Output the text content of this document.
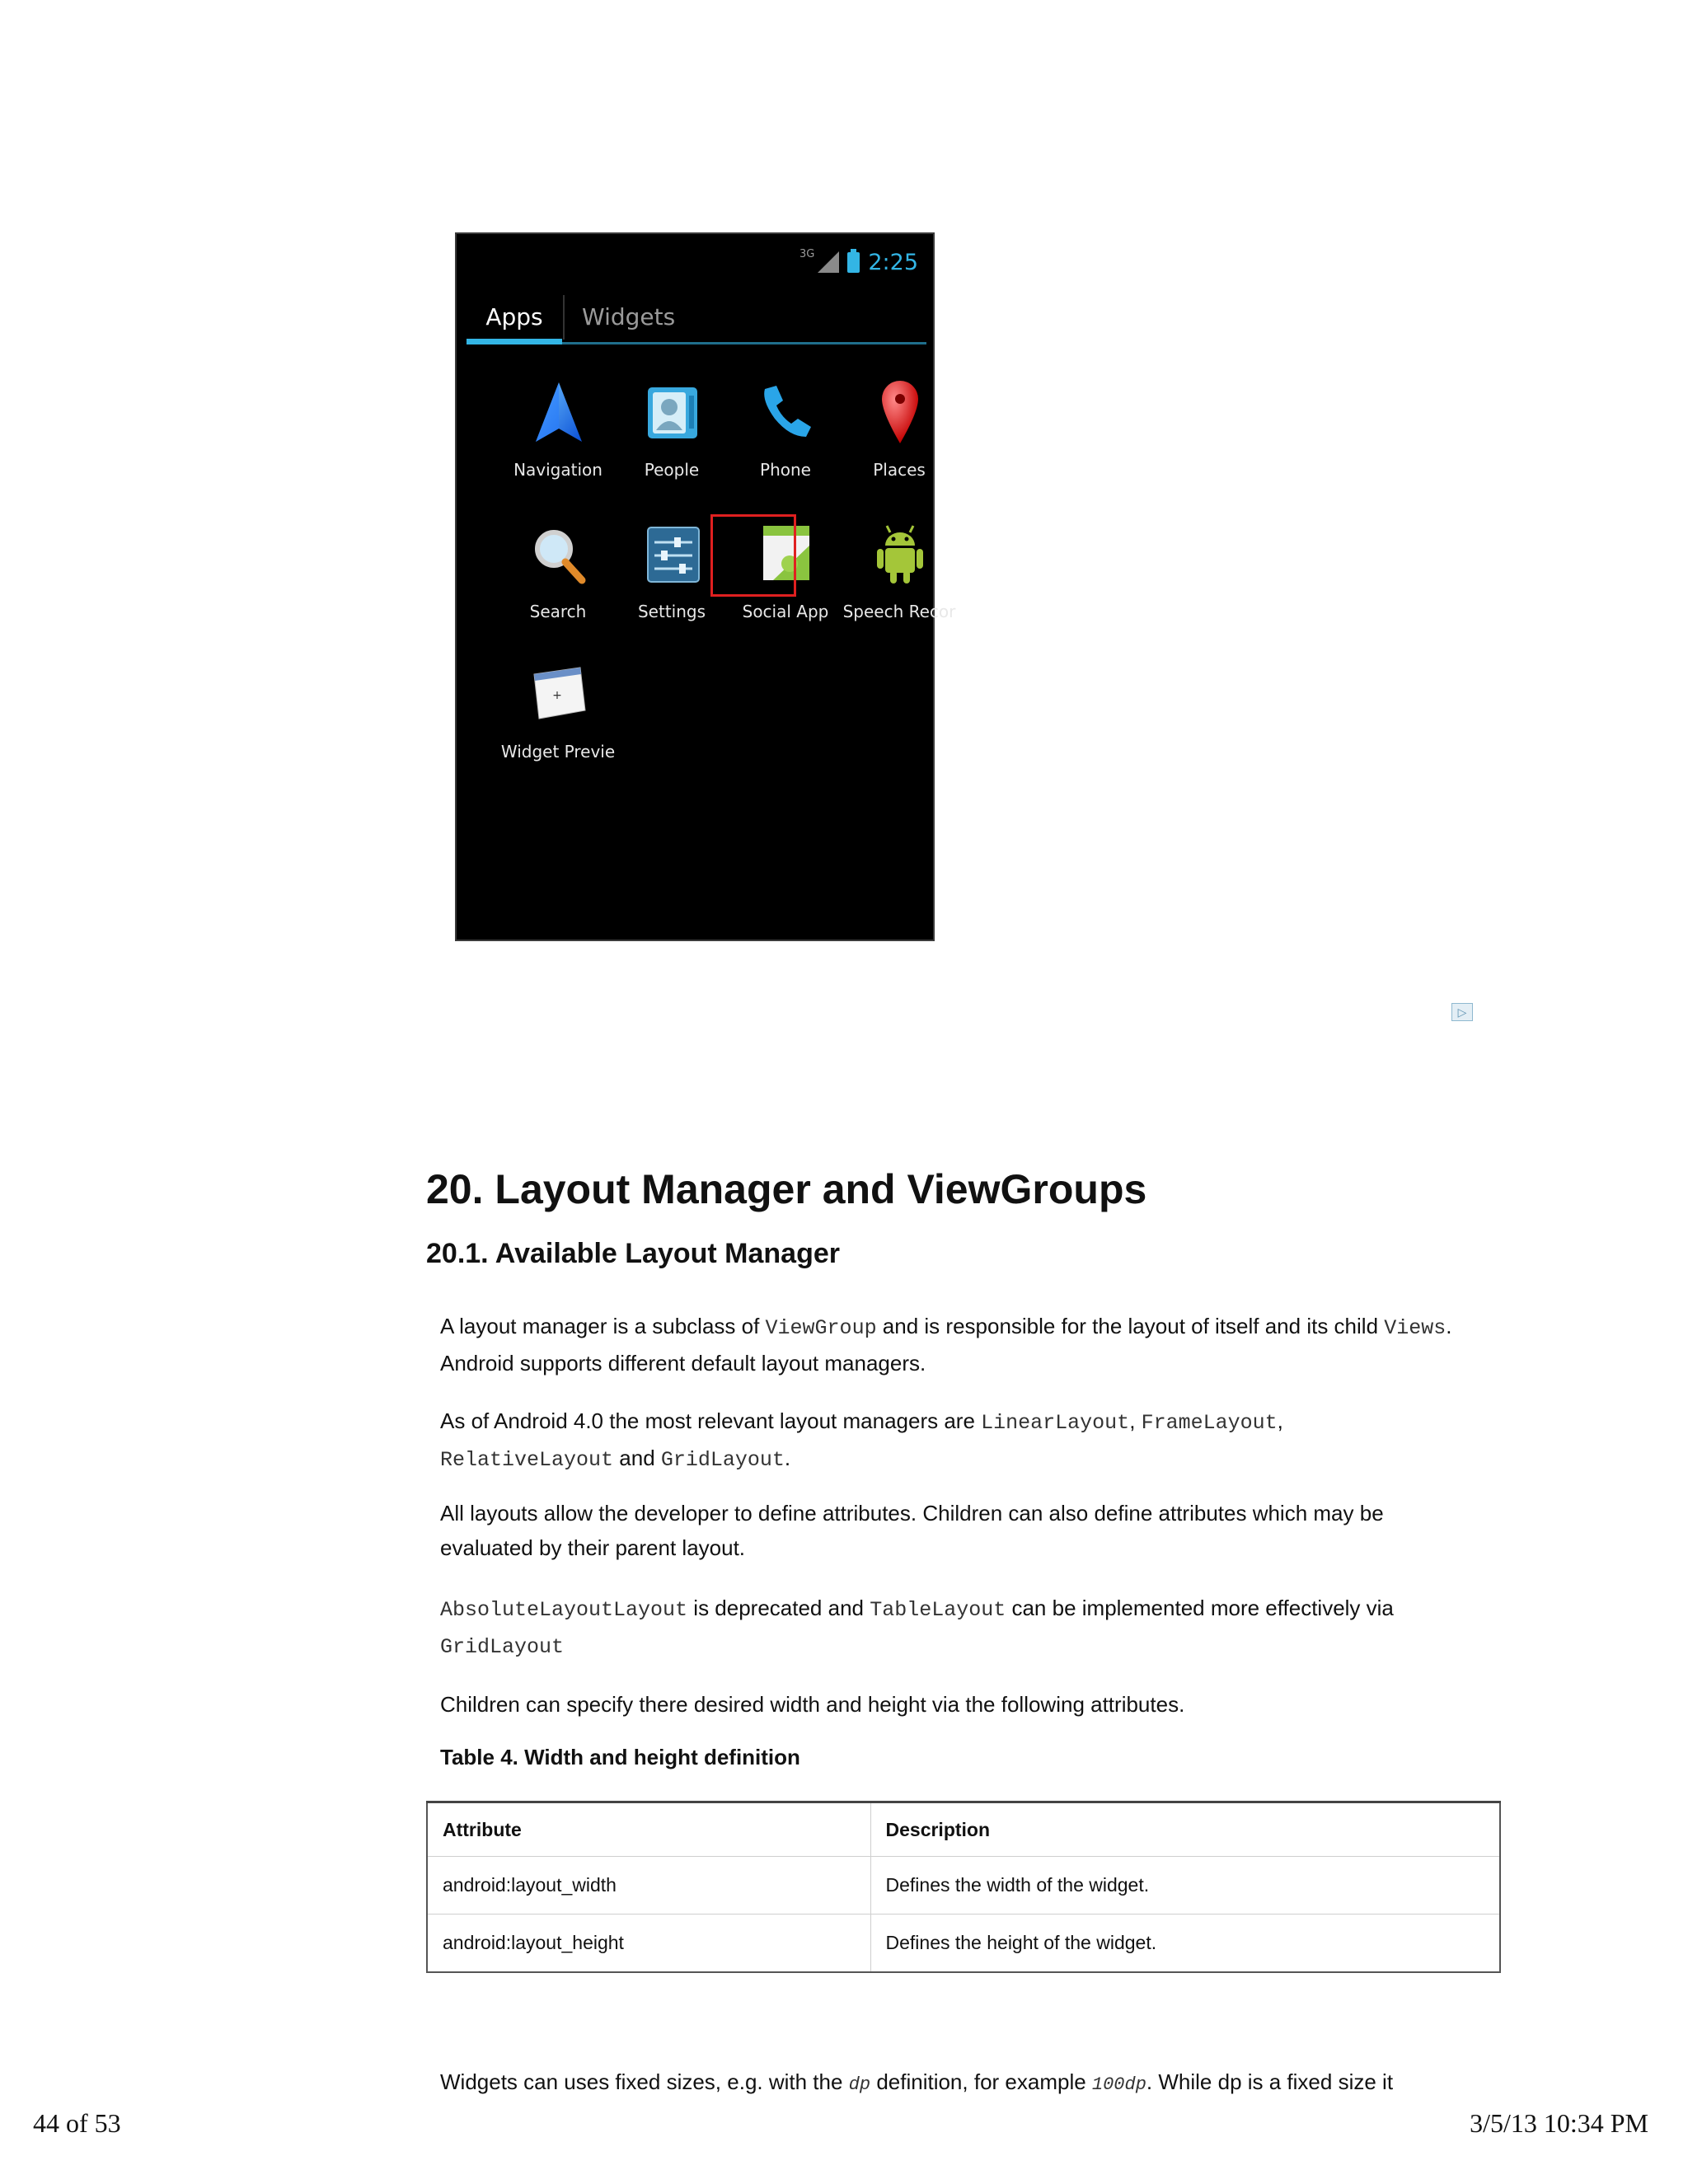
3G 2:25
Apps	Widgets
Navigation	People	Phone	Places
Search	Settings	Social App Speech Recor
+
Widget Previe
▷
20. Layout Manager and ViewGroups
20.1. Available Layout Manager

A layout manager is a subclass of ViewGroup and is responsible for the layout of itself and its child Views. Android supports different default layout managers.

As of Android 4.0 the most relevant layout managers are LinearLayout, FrameLayout,
RelativeLayout and GridLayout.

All layouts allow the developer to define attributes. Children can also define attributes which may be evaluated by their parent layout.

AbsoluteLayoutLayout is deprecated and TableLayout can be implemented more effectively via
GridLayout

Children can specify there desired width and height via the following attributes.

Table 4. Width and height definition
Attribute	Description
android:layout_width	Defines the width of the widget.
android:layout_height	Defines the height of the widget.

Widgets can uses fixed sizes, e.g. with the dp definition, for example 100dp. While dp is a fixed size it

44 of 53	3/5/13 10:34 PM
